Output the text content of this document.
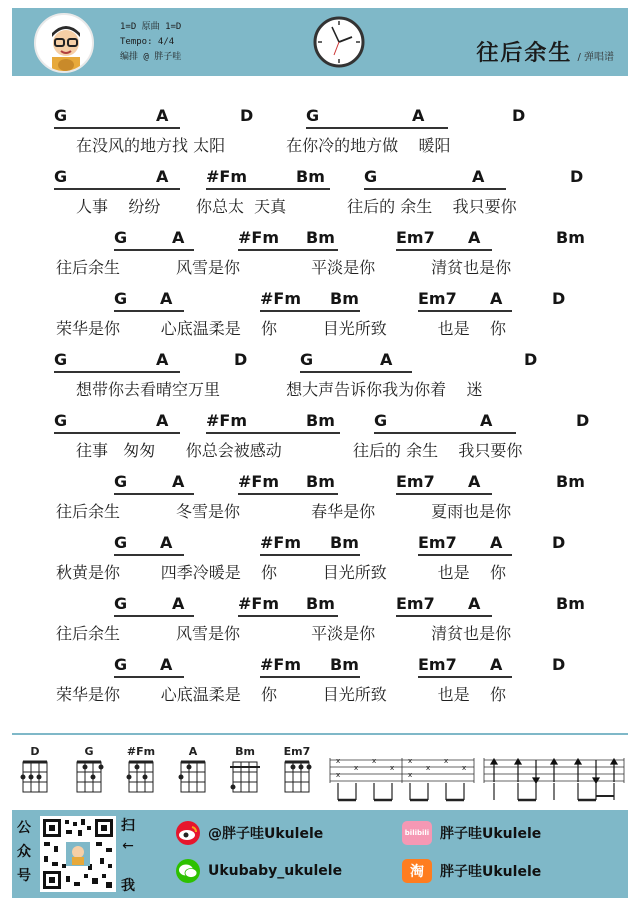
1=D 原曲 1=D
Tempo: 4/4
编排 @ 胖子哇	往后余生 / 弹唱谱
G	A	D	G	A	D
在没风的地方找 太阳            在你冷的地方做    暖阳
G	A #Fm	Bm G	A	D
人事    纷纷       你总太  天真            往后的 余生    我只要你
G	A	#Fm Bm	Em7 A	Bm
往后余生           风雪是你              平淡是你           清贫也是你
G A	#Fm Bm	Em7 A	D
荣华是你        心底温柔是    你         目光所致          也是    你
G	A	D	G	A	D
想带你去看晴空万里             想大声告诉你我为你着    迷
G	A #Fm	Bm G	A	D
往事   匆匆      你总会被感动              往后的 余生    我只要你
G	A	#Fm Bm	Em7 A	Bm
往后余生           冬雪是你              春华是你           夏雨也是你
G A	#Fm Bm	Em7 A	D
秋黄是你        四季冷暖是    你         目光所致          也是    你
G	A	#Fm Bm	Em7 A	Bm
往后余生           风雪是你              平淡是你           清贫也是你
G A	#Fm Bm	Em7 A	D
荣华是你        心底温柔是    你         目光所致          也是    你
D	G	#Fm	A	Bm	Em7
x
x
x
x
x
x
x
x
x
x
公
众
号
扫
←

我
@胖子哇Ukulele
Ukubaby_ukulele
bilibili 胖子哇Ukulele
淘	胖子哇Ukulele
